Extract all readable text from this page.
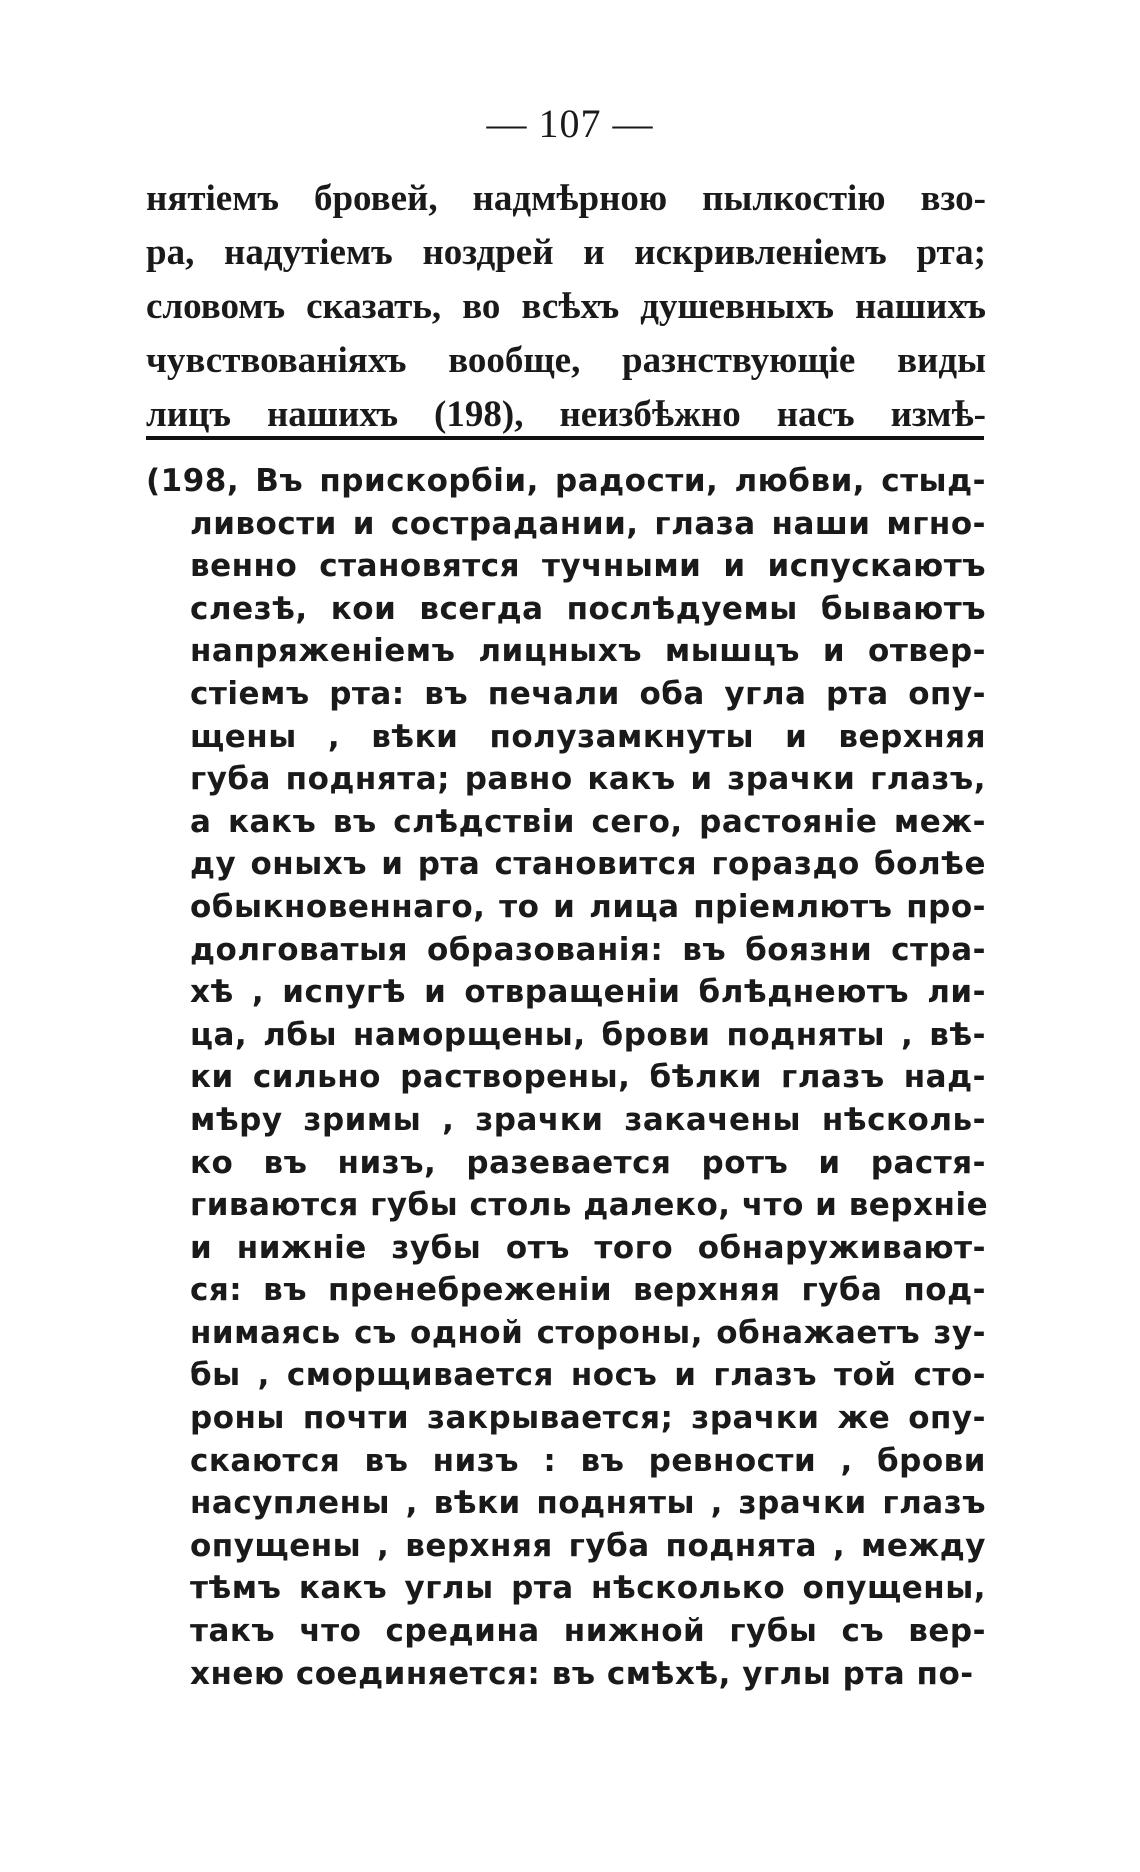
— 107 —
нятіемъ бровей, надмѣрною пылкостію взо-
ра, надутіемъ ноздрей и искривленіемъ рта;
словомъ сказать, во всѣхъ душевныхъ нашихъ
чувствованіяхъ вообще, разнствующіе виды
лицъ нашихъ (198), неизбѣжно насъ измѣ-
(198, Въ прискорбіи, радости, любви, стыд-
ливости и сострадании, глаза наши мгно-
венно становятся тучными и испускаютъ
слезѣ, кои всегда послѣдуемы бываютъ
напряженіемъ лицныхъ мышцъ и отвер-
стіемъ рта: въ печали оба угла рта опу-
щены , вѣки полузамкнуты и верхняя
губа поднята; равно какъ и зрачки глазъ,
а какъ въ слѣдствіи сего, растояніе меж-
ду оныхъ и рта становится гораздо болѣе
обыкновеннаго, то и лица пріемлютъ про-
долговатыя образованія: въ боязни стра-
хѣ , испугѣ и отвращеніи блѣднеютъ ли-
ца, лбы наморщены, брови подняты , вѣ-
ки сильно растворены, бѣлки глазъ над-
мѣру зримы , зрачки закачены нѣсколь-
ко въ низъ, разевается ротъ и растя-
гиваются губы столь далеко, что и верхніе
и нижніе зубы отъ того обнаруживают-
ся: въ пренебреженіи верхняя губа под-
нимаясь съ одной стороны, обнажаетъ зу-
бы , сморщивается носъ и глазъ той сто-
роны почти закрывается; зрачки же опу-
скаются въ низъ : въ ревности , брови
насуплены , вѣки подняты , зрачки глазъ
опущены , верхняя губа поднята , между
тѣмъ какъ углы рта нѣсколько опущены,
такъ что средина нижной губы съ вер-
хнею соединяется: въ смѣхѣ, углы рта по-
